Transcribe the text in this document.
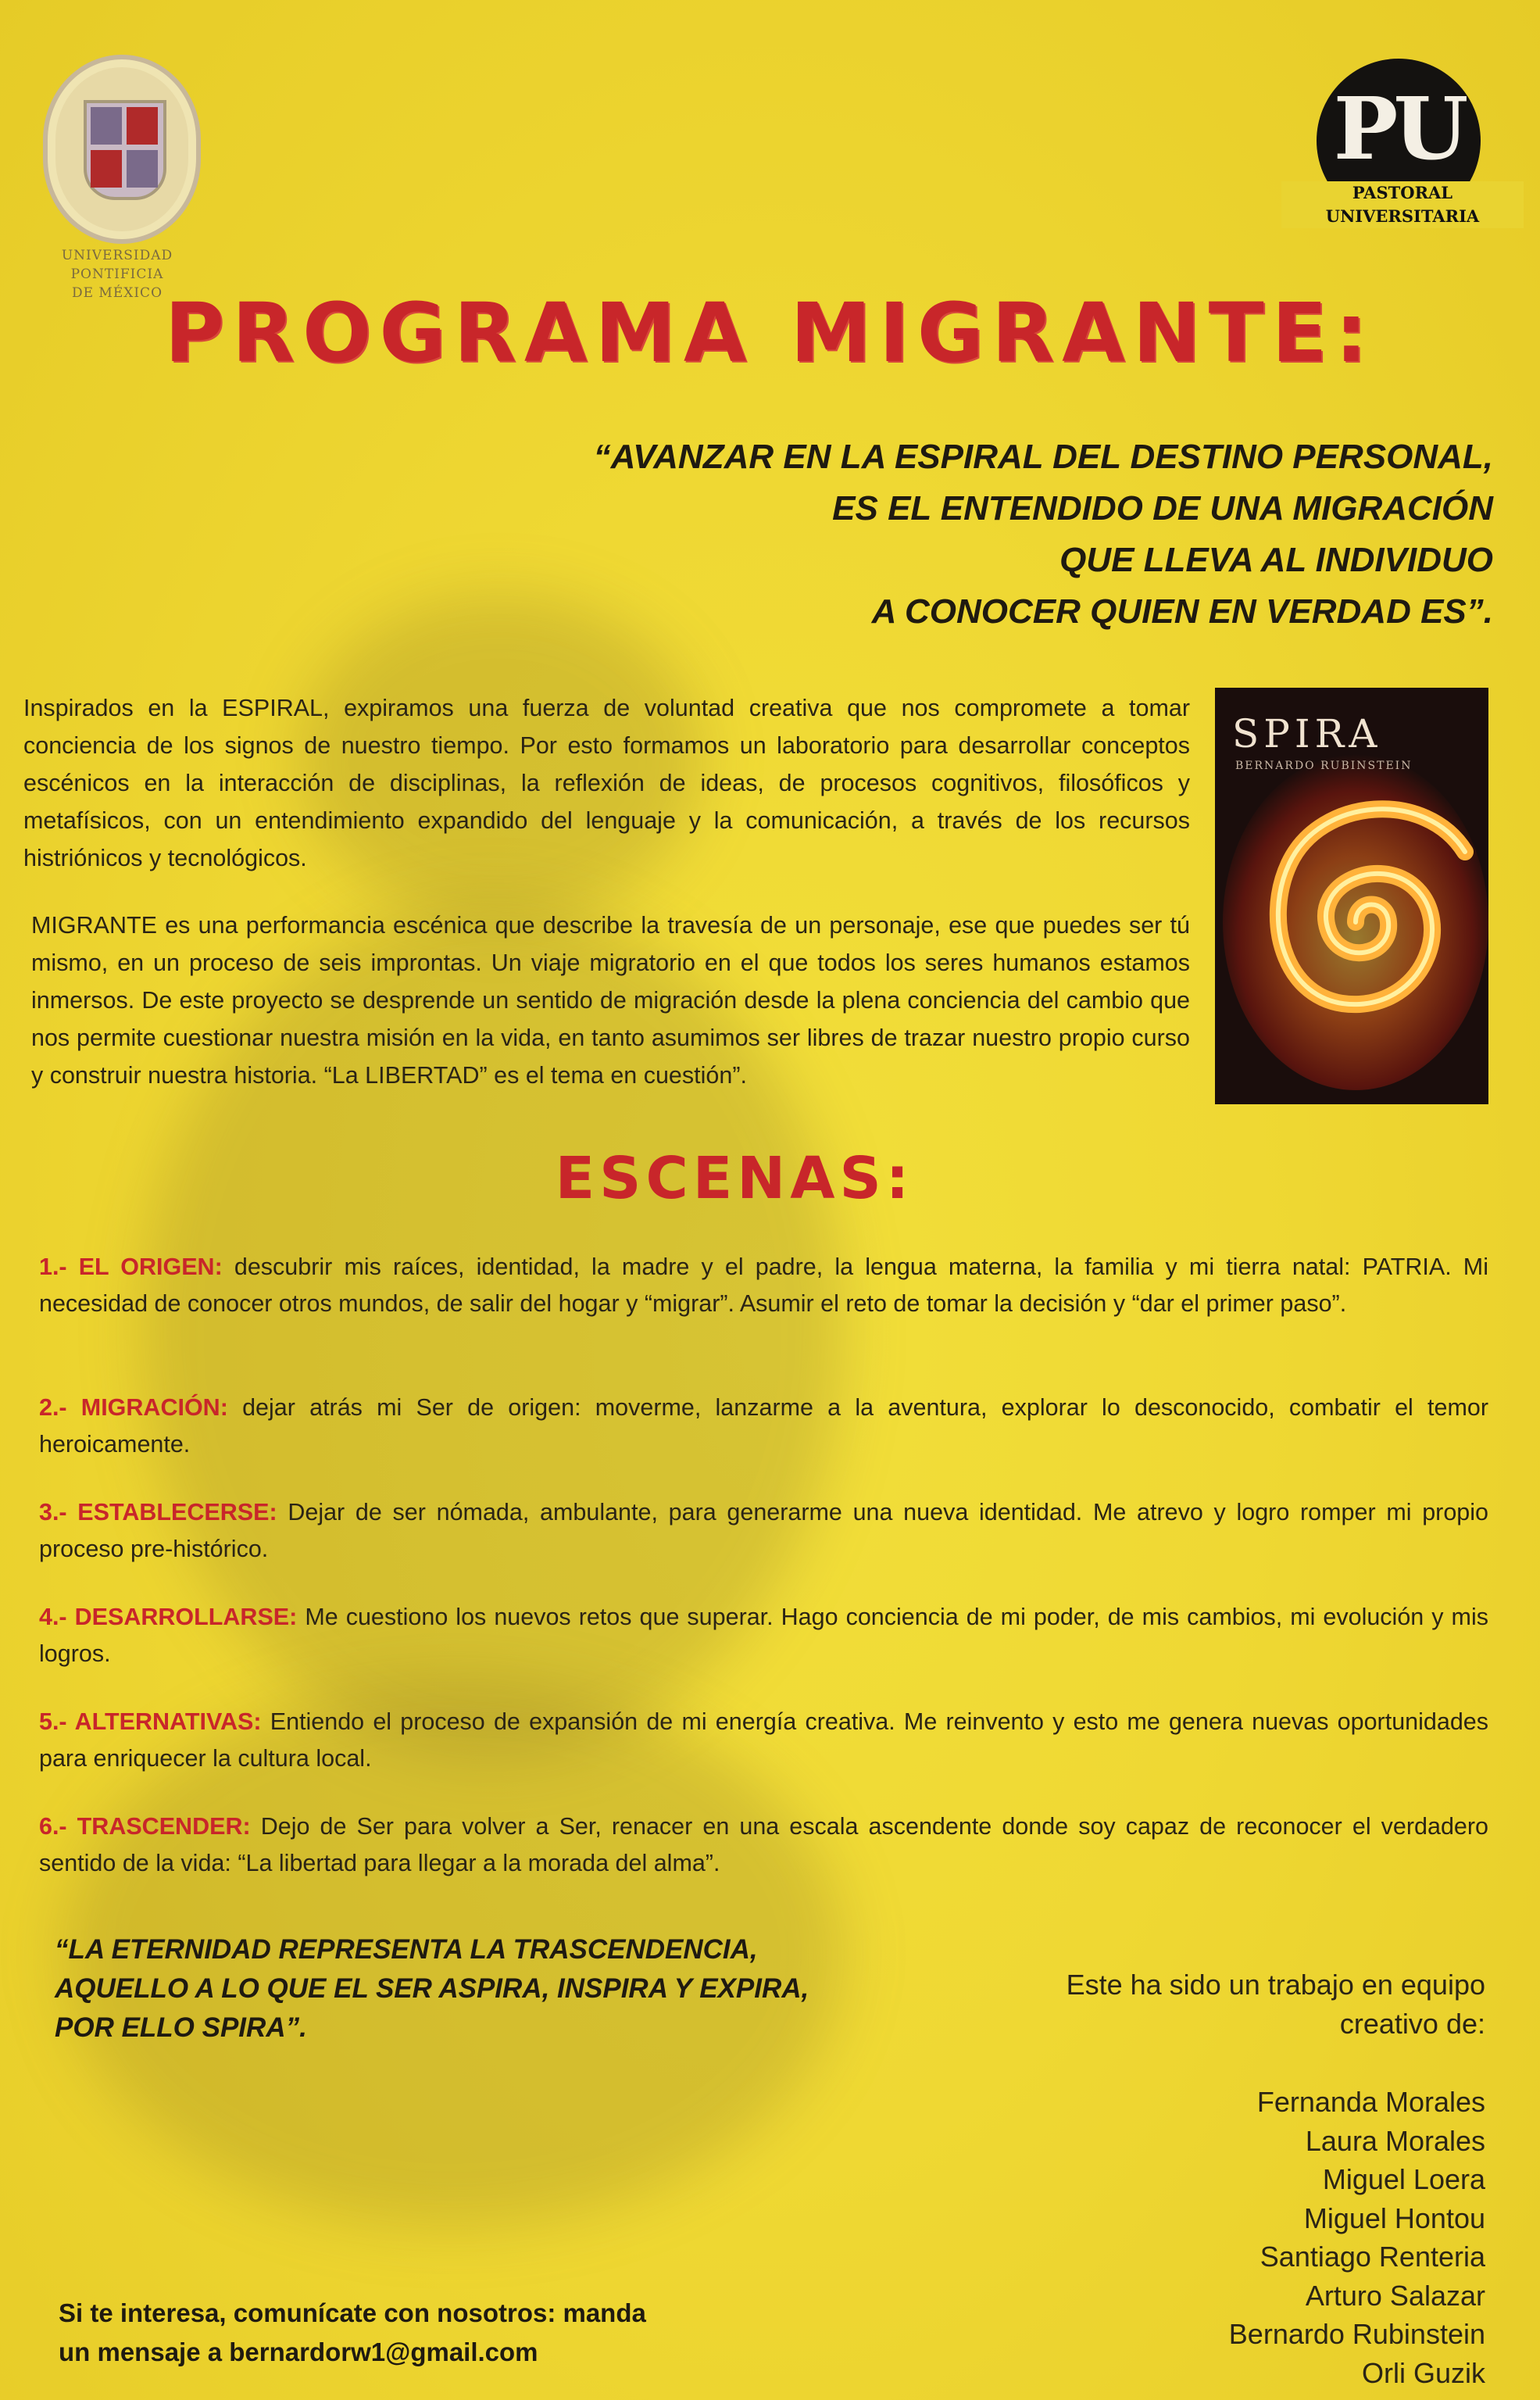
UNIVERSIDAD PONTIFICIA
DE MÉXICO
PU
PASTORAL UNIVERSITARIA
PROGRAMA MIGRANTE:
“AVANZAR EN LA ESPIRAL DEL DESTINO PERSONAL,
ES EL ENTENDIDO DE UNA MIGRACIÓN
QUE LLEVA AL INDIVIDUO
A CONOCER QUIEN EN VERDAD ES”.
Inspirados en la ESPIRAL, expiramos una fuerza de voluntad creativa que nos compromete a tomar conciencia de los signos de nuestro tiempo. Por esto formamos un laboratorio para desarrollar conceptos escénicos en la interacción de disciplinas, la reflexión de ideas, de procesos cognitivos, filosóficos y metafísicos, con un entendimiento expandido del lenguaje y la comunicación, a través de los recursos histriónicos y tecnológicos.
MIGRANTE es una performancia escénica que describe la travesía de un personaje, ese que puedes ser tú mismo, en un proceso de seis improntas. Un viaje migratorio en el que todos los seres humanos estamos inmersos. De este proyecto se desprende un sentido de migración desde la plena conciencia del cambio que nos permite cuestionar nuestra misión en la vida, en tanto asumimos ser libres de trazar nuestro propio curso y construir nuestra historia. “La LIBERTAD” es el tema en cuestión”.
SPIRA
BERNARDO RUBINSTEIN
ESCENAS:
1.- EL ORIGEN: descubrir mis raíces, identidad, la madre y el padre, la lengua materna, la familia y mi tierra natal: PATRIA. Mi necesidad de conocer otros mundos, de salir del hogar y “migrar”. Asumir el reto de tomar la decisión y “dar el primer paso”.
2.- MIGRACIÓN: dejar atrás mi Ser de origen: moverme, lanzarme a la aventura, explorar lo desconocido, combatir el temor heroicamente.
3.- ESTABLECERSE: Dejar de ser nómada, ambulante, para generarme una nueva identidad. Me atrevo y logro romper mi propio proceso pre-histórico.
4.- DESARROLLARSE: Me cuestiono los nuevos retos que superar. Hago conciencia de mi poder, de mis cambios, mi evolución y mis logros.
5.- ALTERNATIVAS: Entiendo el proceso de expansión de mi energía creativa. Me reinvento y esto me genera nuevas oportunidades para enriquecer la cultura local.
6.- TRASCENDER: Dejo de Ser para volver a Ser, renacer en una escala ascendente donde soy capaz de reconocer el verdadero sentido de la vida: “La libertad para llegar a la morada del alma”.
“LA ETERNIDAD REPRESENTA LA TRASCENDENCIA,
AQUELLO A LO QUE EL SER ASPIRA, INSPIRA Y EXPIRA,
POR ELLO SPIRA”.
Este ha sido un trabajo en equipo
creativo de:
Fernanda Morales
Laura Morales
Miguel Loera
Miguel Hontou
Santiago Renteria
Arturo Salazar
Bernardo Rubinstein
Orli Guzik
Si te interesa, comunícate con nosotros: manda
un mensaje a bernardorw1@gmail.com
